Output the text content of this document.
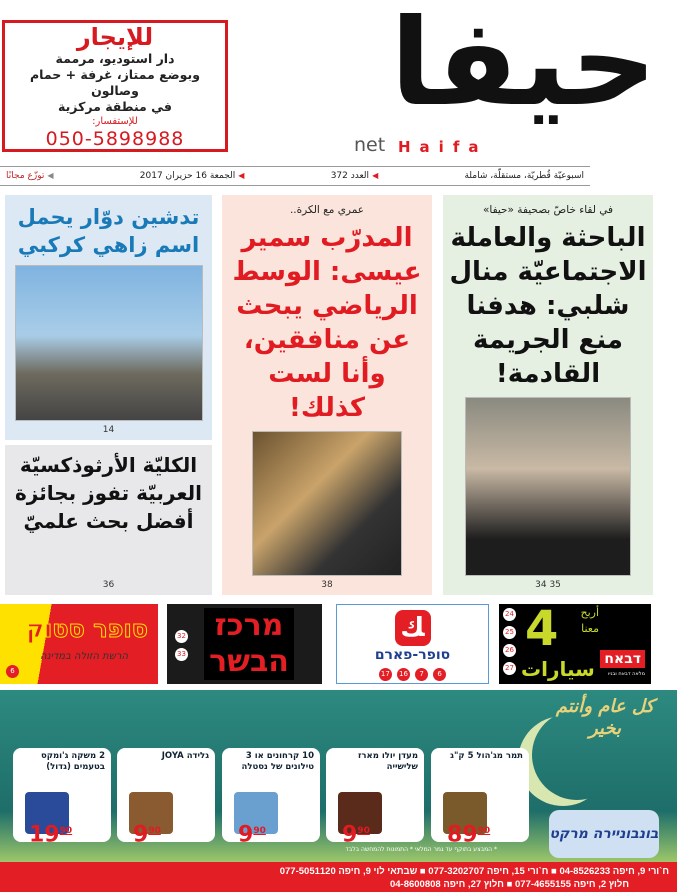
للإيجار
دار استوديو، مرممة
وبوضع ممتاز، غرفة + حمام وصالون
في منطقة مركزية
للإستفسار:
050-5898988
حيفا
Haifa
net
اسبوعيّة قُطريّة، مستقلّة، شاملة
◀العدد 372
◀الجمعة 16 حزيران 2017
◀توزّع مجانًا
في لقاء خاصّ بصحيفة «حيفا»
الباحثة والعاملة الاجتماعيّة منال شلبي: هدفنا منع الجريمة القادمة!
35 34
عمري مع الكرة..
المدرّب سمير عيسى: الوسط الرياضي يبحث عن منافقين، وأنا لست كذلك!
38
تدشين دوّار يحمل اسم زاهي كركبي
14
الكليّة الأرثوذكسيّة العربيّة تفوز بجائزة أفضل بحث علميّ
36
סופר סטוק
הרשת הזולה במדינה
6
מרכז הבשר
32
33
ﻚ
סופר-פארם
17 16 7 6
דבאח
מלאה דבאח ובניו
أربح
معنا
4
سيارات
24
25
26
27
كل عام وأنتم بخير
בונבוניירה מרקט
* המבצע בתוקף עד גמר המלאי * התמונות להמחשה בלבד
תמר מג'הול 5 ק"ג
$89^{90}$
מעדן יולו מארז שלישייה
$9^{90}$
10 קרחונים או 3 טילונים של נסטלה
$9^{90}$
גלידה JOYA
$9^{90}$
2 משקה ג'ומקס בטעמים (גדול)
$19^{90}$
ח`ורי 9, חיפה 04-8526233 ■ ח`ורי 15, חיפה 077-3202707 ■ שבתאי לוי 9, חיפה 077-5051120
חלוץ 2, חיפה 077-4655155 ■ חלוץ 27, חיפה 04-8600808
